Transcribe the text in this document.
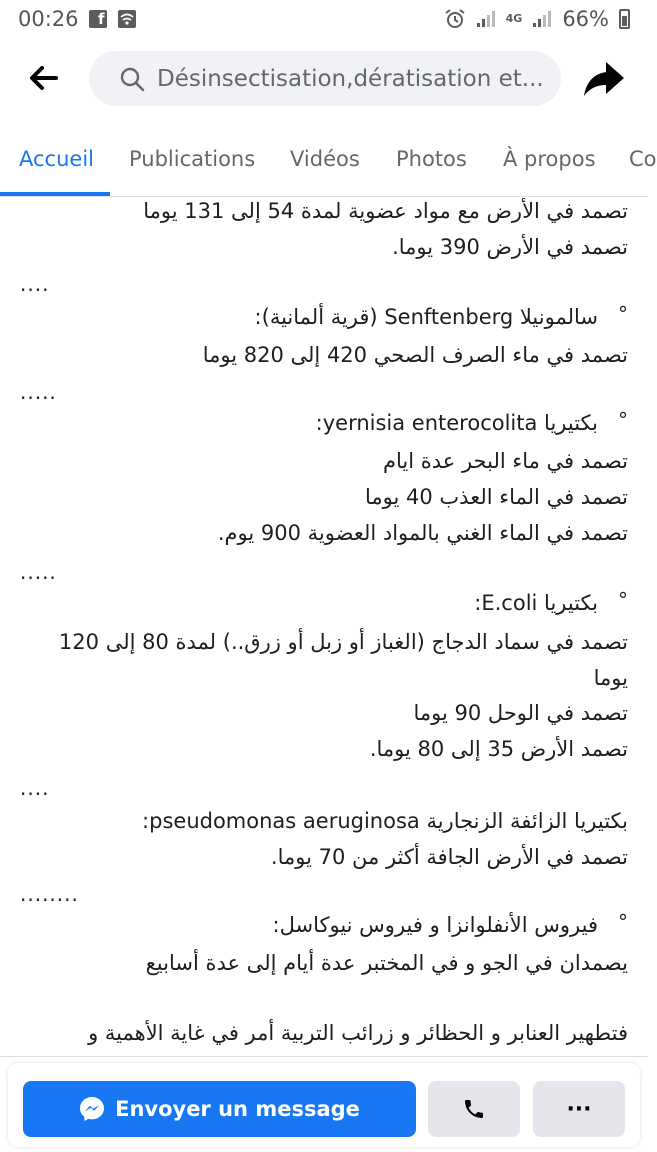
00:26	f	4G 66%
Désinsectisation,dératisation et...
Accueil Publications Vidéos Photos À propos Co
تصمد في الأرض مع مواد عضوية لمدة 54 إلى 131 يوما
تصمد في الأرض 390 يوما.
....
سالمونيلا Senftenberg (قرية ألمانية): °
تصمد في ماء الصرف الصحي 420 إلى 820 يوما
.....
بكتيريا yernisia enterocolita: °
تصمد في ماء البحر عدة ايام
تصمد في الماء العذب 40 يوما
تصمد في الماء الغني بالمواد العضوية 900 يوم.
.....
بكتيريا E.coli: °
تصمد في سماد الدجاج (الغباز أو زبل أو زرق..) لمدة 80 إلى 120 يوما
تصمد في الوحل 90 يوما
تصمد الأرض 35 إلى 80 يوما.
....
بكتيريا الزائفة الزنجارية pseudomonas aeruginosa:
تصمد في الأرض الجافة أكثر من 70 يوما.
........
فيروس الأنفلوانزا و فيروس نيوكاسل: °
يصمدان في الجو و في المختبر عدة أيام إلى عدة أسابيع
فتطهير العنابر و الحظائر و زرائب التربية أمر في غاية الأهمية و
Envoyer un message	···
